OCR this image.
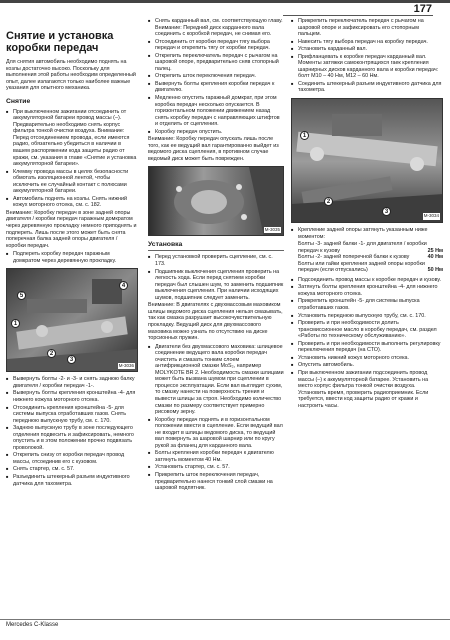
177
Снятие и установка коробки передач
Для снятия автомобиль необходимо поднять на козлы достаточно высоко. Поскольку для выполнения этой работы необходим определенный опыт, далее излагаются только наиболее важные указания для опытного механика.
Снятие
■ При выключенном зажигании отсоединить от аккумуляторной батареи провод массы (–). Предварительно необходимо снять корпус фильтра тонкой очистки воздуха. Внимание: Перед отсоединением провода, если имеются радио, обязательно убедиться в наличии в вашем распоряжении кода защиты радио от кражи, см. указания в главе «Снятие и установка аккумуляторной батареи».
■ Клемму провода массы в целях безопасности обмотать изоляционной лентой, чтобы исключить ее случайный контакт с полюсами аккумуляторной батареи.
■ Автомобиль поднять на козлы. Снять нижний кожух моторного отсека, см. с. 182.

Внимание: Коробку передач в зоне задней опоры двигателя / коробки передач гаражным домкратом через деревянную прокладку немного приподнять и подпереть. Лишь после этого может быть снята поперечная балка задней опоры двигателя / коробки передач.

■ Подпереть коробку передач гаражным домкратом через деревянную прокладку.
1
2
3
4
5
M-3036
■ Вывернуть болты -2- и -3- и снять заднюю балку двигателя / коробки передач -1-.
■ Вывернуть болты крепления кронштейна -4- для нижнего кожуха моторного отсека.
■ Отсоединить крепления кронштейна -5- для системы выпуска отработавших газов. Снять переднюю выпускную трубу, см. с. 170.
■ Заднюю выпускную трубу в зоне последующего отделения подвесить и зафиксировать, немного опустить и в этом положении прочно подвязать проволокой.
■ Открепить снизу от коробки передач провод массы, отсоединив его с кузовом.
■ Снять стартер, см. с. 57.
■ Разъединить штекерный разъем индуктивного датчика для тахометра.
■ Снять карданный вал, см. соответствующую главу. Внимание: Передний диск карданного вала соединить с коробкой передач, не снимая его.
■ Отсоединить от коробки передач тягу выбора передач и открепить тягу от коробки передач.
■ Открепить переключатель передач с рычагом на шаровой опоре, предварительно сняв стопорный палец.
■ Открепить шток переключения передач.
■ Вывернуть болты крепления коробки передач к двигателю.
■ Медленно опустить гаражный домкрат, при этом коробка передач несколько опускается. В горизонтальном положении движением назад снять коробку передач с направляющих штифтов и отделить от сцепления.
■ Коробку передач опустить.

Внимание: Коробку передач опускать лишь после того, как ее ведущий вал гарантированно выйдет из ведомого диска сцепления, в противном случае ведомый диск может быть поврежден.

M-3035
Установка
■ Перед установкой проверить сцепление, см. с. 173.
■ Подшипник выключения сцепления проверить на легкость хода. Если перед снятием коробки передач был слышен шум, то заменить подшипник выключения сцепления. При наличии исходящих шумов, подшипник следует заменить.

Внимание: В двигателях с двухмассовым маховиком шлицы ведомого диска сцепления нельзя смазывать, так как смазка разрушает высокочувствительную прокладку. Ведущий диск для двухмассового маховика можно узнать по отсутствию на диске торсионных пружин.

■ Двигатели без двухмассового маховика: шлицевое соединение ведущего вала коробки передач очистить и смазать тонким слоем антифрикционной смазки MoS₂, например MOLYKOTE BR 2. Необходимость смазки шлицами может быть вызвана шумом при сцеплении в процессе эксплуатации. Если вал выглядит сухим, то смазку нанести на поверхность трения и вывести шлицы за строя. Необходимо количество смазки по размеру соответствует примерно рисовому зерну.
■ Коробку передач поднять и в горизонтальном положении ввести в сцепление. Если ведущий вал не входит в шлицы ведомого диска, то ведущий вал повернуть за шаровой шарнир или по кругу рукой за фланец для карданного вала.
■ Болты крепления коробки передач к двигателю затянуть моментом 40 Нм.
■ Установить стартер, см. с. 57.
■ Прикрепить шток переключения передач, предварительно нанеся тонкий слой смазки на шаровой подпятник.
■ Прикрепить переключатель передач с рычагом на шаровой опоре и зафиксировать его стопорным пальцем.
■ Навесить тягу выбора передач на коробку передач.
■ Установить карданный вал.
■ Прифланцевать к коробке передач карданный вал. Моменты затяжки самоконтрящихся гаек крепления шарнирных дисков карданного вала и коробки передач: болт М10 – 40 Нм, М12 – 60 Нм.
■ Соединить штекерный разъем индуктивного датчика для тахометра.
1
2
3
M-3034
■ Крепление задней опоры затянуть указанным ниже моментом:
Болты -3- задней балки -1- для двигателя / коробки передач к кузову	25 Нм
Болты -2- задней поперечной балки к кузову	40 Нм
Болты или гайки крепления задней опоры коробки передач (если отпускались)	50 Нм
■ Подсоединить провод массы к коробке передач и кузову.
■ Затянуть болты крепления кронштейна -4- для нижнего кожуха моторного отсека.
■ Прикрепить кронштейн -5- для системы выпуска отработавших газов.
■ Установить переднюю выпускную трубу, см. с. 170.
■ Проверить и при необходимости долить трансмиссионное масло в коробку передач, см. раздел «Работы по техническому обслуживанию».
■ Проверить и при необходимости выполнить регулировку переключения передач (на СТО).
■ Установить нижний кожух моторного отсека.
■ Опустить автомобиль.
■ При выключенном зажигании подсоединить провод массы (–) к аккумуляторной батарее. Установить на место корпус фильтра тонкой очистки воздуха. Установить время, проверить радиоприемник. Если требуется, ввести код защиты радио от кражи и настроить часы.
Mercedes C-Klasse
